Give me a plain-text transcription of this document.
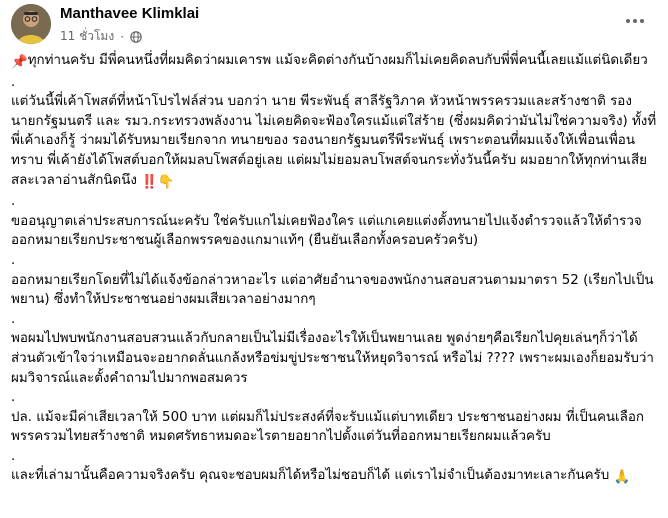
Manthavee Klimklai
11 ชั่วโมง ·

📌ทุกท่านครับ มีพี่คนหนึ่งที่ผมคิดว่าผมเคารพ แม้จะคิดต่างกันบ้างผมก็ไม่เคยคิดลบกับพี่พี่คนนี้เลยแม้แต่นิดเดียว

.

แต่วันนี้พี่เค้าโพสต์ที่หน้าโปรไฟล์ส่วน บอกว่า นาย พีระพันธุ์ สาลีรัฐวิภาค หัวหน้าพรรครวมและสร้างชาติ รองนายกรัฐมนตรี และ รมว.กระทรวงพลังงาน ไม่เคยคิดจะฟ้องใครแม้แต่ใส่ร้าย (ซึ่งผมคิดว่ามันไม่ใช่ความจริง) ทั้งที่พี่เค้าเองก็รู้ ว่าผมได้รับหมายเรียกจาก ทนายของ รองนายกรัฐมนตรีพีระพันธุ์ เพราะตอนที่ผมแจ้งให้เพื่อนเพื่อนทราบ พี่เค้ายังได้โพสต์บอกให้ผมลบโพสต์อยู่เลย แต่ผมไม่ยอมลบโพสต์จนกระทั่งวันนี้ครับ ผมอยากให้ทุกท่านเสียสละเวลาอ่านสักนิดนึง ‼️👇

.

ขออนุญาตเล่าประสบการณ์นะครับ ใช่ครับแกไม่เคยฟ้องใคร แต่แกเคยแต่งตั้งทนายไปแจ้งตำรวจแล้วให้ตำรวจออกหมายเรียกประชาชนผู้เลือกพรรคของแกมาแท้ๆ (ยืนยันเลือกทั้งครอบครัวครับ)

.

ออกหมายเรียกโดยที่ไม่ได้แจ้งข้อกล่าวหาอะไร แต่อาศัยอำนาจของพนักงานสอบสวนตามมาตรา 52 (เรียกไปเป็นพยาน) ซึ่งทำให้ประชาชนอย่างผมเสียเวลาอย่างมากๆ

.

พอผมไปพบพนักงานสอบสวนแล้วกับกลายเป็นไม่มีเรื่องอะไรให้เป็นพยานเลย พูดง่ายๆคือเรียกไปคุยเล่นๆก็ว่าได้ ส่วนตัวเข้าใจว่าเหมือนจะอยากดลั่นแกล้งหรือข่มขู่ประชาชนให้หยุดวิจารณ์ หรือไม่ ???? เพราะผมเองก็ยอมรับว่าผมวิจารณ์และตั้งคำถามไปมากพอสมควร

.

ปล. แม้จะมีค่าเสียเวลาให้ 500 บาท แต่ผมก็ไม่ประสงค์ที่จะรับแม้แต่บาทเดียว ประชาชนอย่างผม ที่เป็นคนเลือกพรรครวมไทยสร้างชาติ หมดศรัทธาหมดอะไรตายอยากไปตั้งแต่วันที่ออกหมายเรียกผมแล้วครับ

.

และที่เล่ามานั้นคือความจริงครับ คุณจะชอบผมก็ได้หรือไม่ชอบก็ได้ แต่เราไม่จำเป็นต้องมาทะเลาะกันครับ 🙏
